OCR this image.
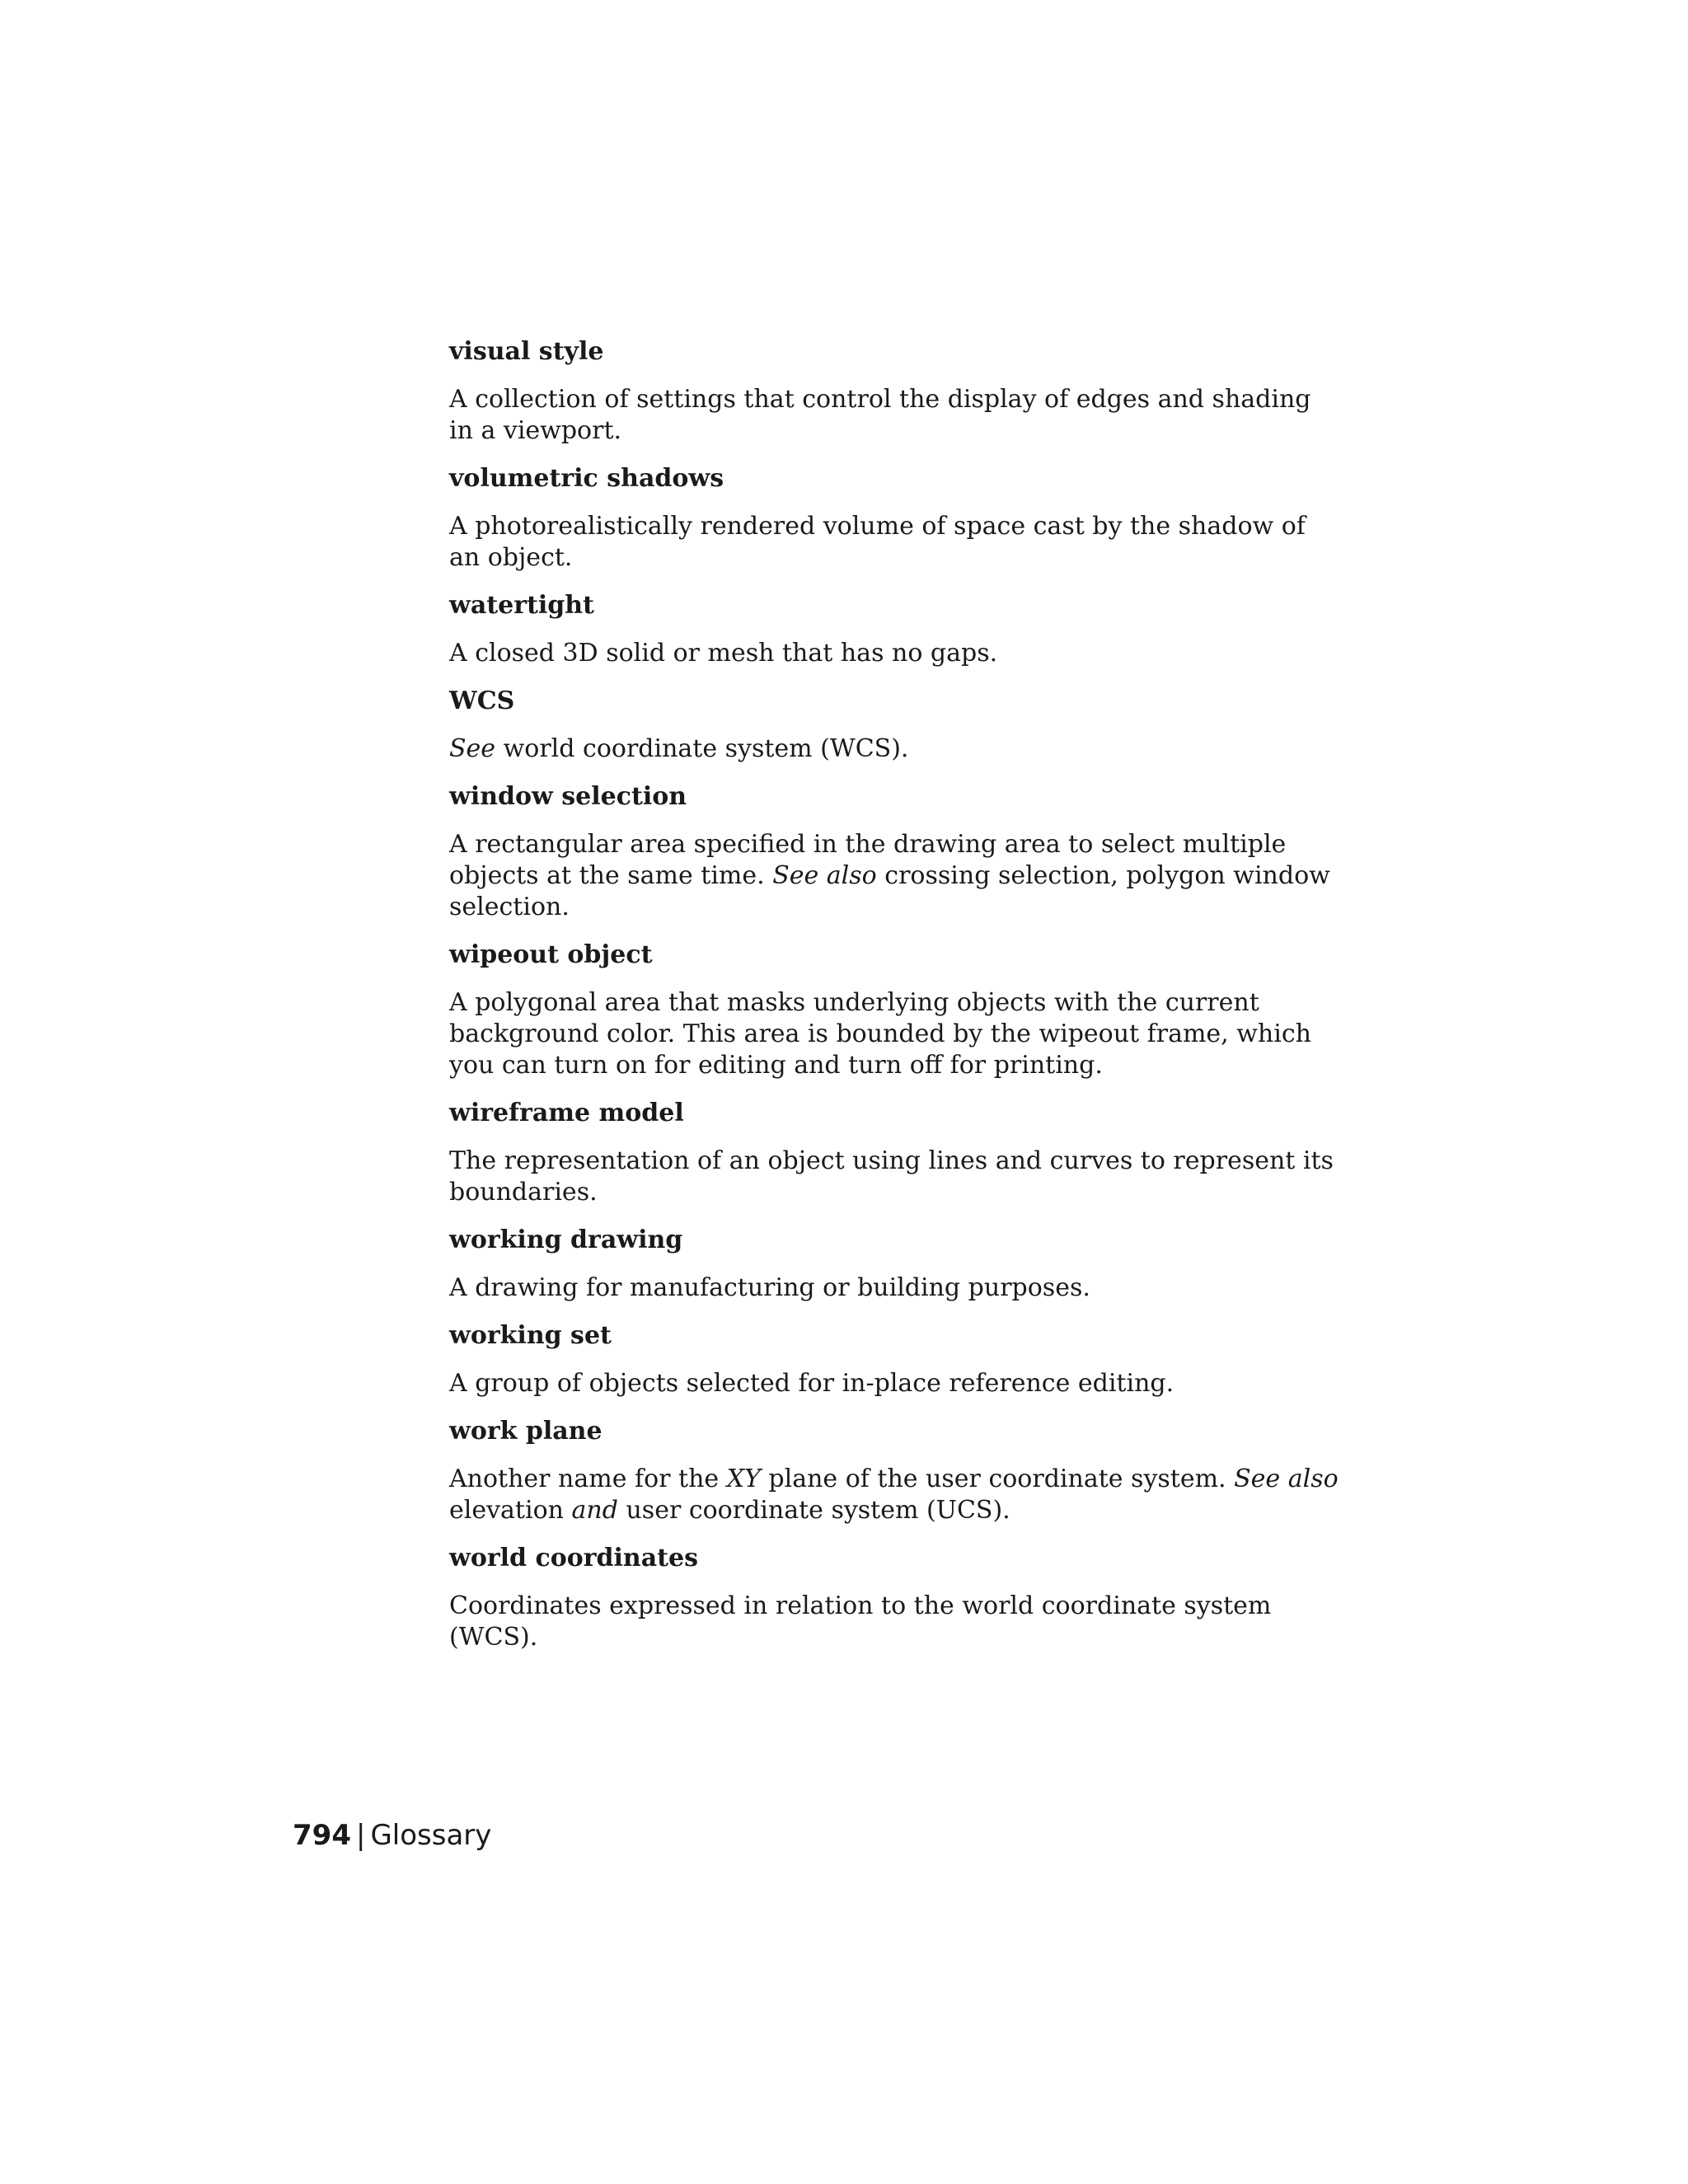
visual style

A collection of settings that control the display of edges and shading in a viewport.

volumetric shadows

A photorealistically rendered volume of space cast by the shadow of an object.

watertight

A closed 3D solid or mesh that has no gaps.

WCS

See world coordinate system (WCS).

window selection

A rectangular area specified in the drawing area to select multiple objects at the same time. See also crossing selection, polygon window selection.

wipeout object

A polygonal area that masks underlying objects with the current background color. This area is bounded by the wipeout frame, which you can turn on for editing and turn off for printing.

wireframe model

The representation of an object using lines and curves to represent its boundaries.

working drawing

A drawing for manufacturing or building purposes.

working set

A group of objects selected for in-place reference editing.

work plane

Another name for the XY plane of the user coordinate system. See also elevation and user coordinate system (UCS).

world coordinates

Coordinates expressed in relation to the world coordinate system (WCS).

794 | Glossary
